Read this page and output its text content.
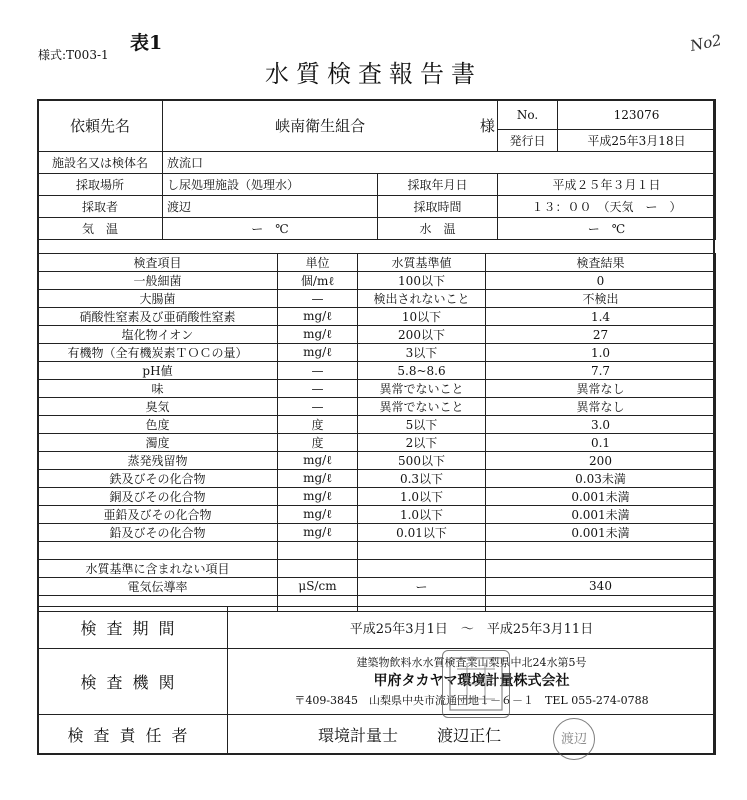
様式:T003-1
表1
水質検査報告書
No2
依頼先名	峡南衛生組合 様		No.	123076
			発行日	平成25年3月18日
施設名又は検体名	放流口			
採取場所	し尿処理施設（処理水）	採取年月日	平成２５年３月１日	
採取者	渡辺	採取時間	１３：００　（天気　ー　）	
気　温	ー　℃	水　温	ー　℃	
検査項目	単位	水質基準値	検査結果
一般細菌	個/mℓ	100以下	0
大腸菌	—	検出されないこと	不検出
硝酸性窒素及び亜硝酸性窒素	mg/ℓ	10以下	1.4
塩化物イオン	mg/ℓ	200以下	27
有機物（全有機炭素ＴＯＣの量）	mg/ℓ	3以下	1.0
pH値	—	5.8~8.6	7.7
味	—	異常でないこと	異常なし
臭気	—	異常でないこと	異常なし
色度	度	5以下	3.0
濁度	度	2以下	0.1
蒸発残留物	mg/ℓ	500以下	200
鉄及びその化合物	mg/ℓ	0.3以下	0.03未満
銅及びその化合物	mg/ℓ	1.0以下	0.001未満
亜鉛及びその化合物	mg/ℓ	1.0以下	0.001未満
鉛及びその化合物	mg/ℓ	0.01以下	0.001未満

水質基準に含まれない項目			
電気伝導率	μS/cm	ー	340

検査期間	平成25年3月1日　～　平成25年3月11日
検査機関	建築物飲料水水質検査業山梨県中北24水第5号
甲府タカヤマ環境計量株式会社
〒409-3845　山梨県中央市流通団地１－６－１　TEL 055-274-0788

検査責任者	環境計量士 渡辺正仁	渡辺
